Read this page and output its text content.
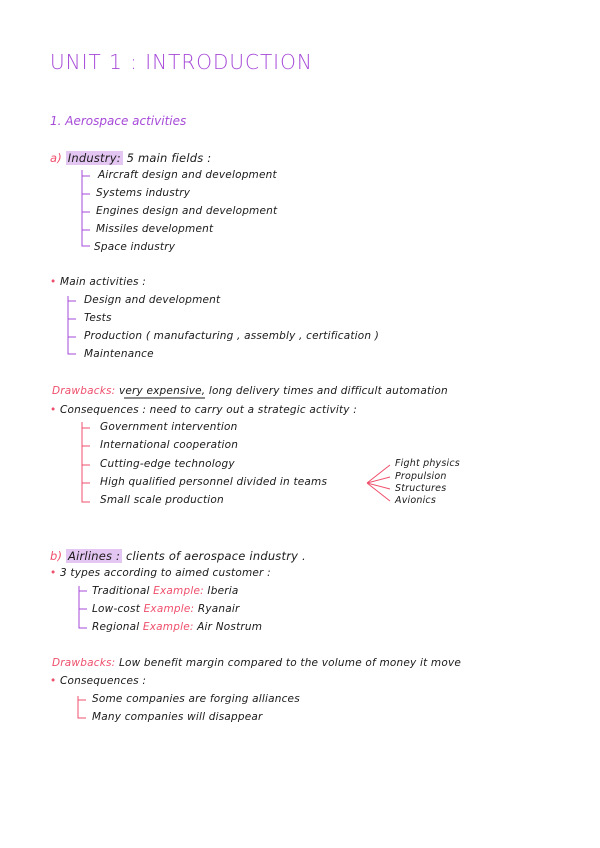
UNIT 1 : INTRODUCTION
1. Aerospace activities
a) Industry: 5 main fields :
Aircraft design and development
Systems industry
Engines design and development
Missiles development
Space industry
• Main activities :
Design and development
Tests
Production ( manufacturing , assembly , certification )
Maintenance
Drawbacks: very expensive, long delivery times and difficult automation
• Consequences : need to carry out a strategic activity :
Government intervention
International cooperation
Cutting-edge technology
High qualified personnel divided in teams
Small scale production
Fight physics
Propulsion
Structures
Avionics
b) Airlines : clients of aerospace industry .
• 3 types according to aimed customer :
Traditional Example: Iberia
Low-cost Example: Ryanair
Regional Example: Air Nostrum
Drawbacks: Low benefit margin compared to the volume of money it move
• Consequences :
Some companies are forging alliances
Many companies will disappear
